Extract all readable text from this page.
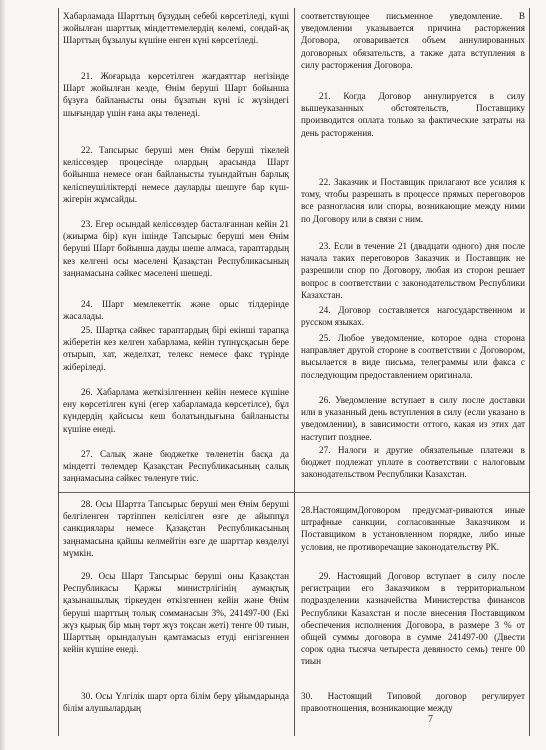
Хабарламада Шарттың бұзудың себебі көрсетіледі, күші жойылған шарттық міндеттемелердің көлемі, сондай-ақ Шарттың бұзылуы күшіне енген күні көрсетіледі.

21. Жоғарыда көрсетілген жағдаяттар негізінде Шарт жойылған кезде, Өнім беруші Шарт бойынша бұзуға байланысты оны бұзатын күні іс жүзіндегі шығындар үшін ғана ақы төленеді.

22. Тапсырыс беруші мен Өнім беруші тікелей келіссөздер процесінде олардың арасында Шарт бойынша немесе оған байланысты туындайтын барлық келіспеушіліктерді немесе дауларды шешуге бар күш-жігерін жұмсайды.

23. Егер осындай келіссөздер басталғаннан кейін 21 (жиырма бір) күн ішінде Тапсырыс беруші мен Өнім беруші Шарт бойынша дауды шеше алмаса, тараптардың кез келгені осы мәселені Қазақстан Республикасының заңнамасына сәйкес мәселені шешеді.

24. Шарт мемлекеттік және орыс тілдерінде жасалады.

25. Шартқа сәйкес тараптардың бірі екінші тарапқа жіберетін кез келген хабарлама, кейін түпнұсқасын бере отырып, хат, жеделхат, телекс немесе факс түрінде жіберіледі.

26. Хабарлама жеткізілгеннен кейін немесе күшіне ену көрсетілген күні (егер хабарламада көрсетілсе), бұл күндердің қайсысы кеш болатындығына байланысты күшіне енеді.

27. Салық және бюджетке төленетін басқа да міндетті төлемдер Қазақстан Республикасының салық заңнамасына сәйкес төленуге тиіс.

28. Осы Шартта Тапсырыс беруші мен Өнім беруші белгіленген тәртіппен келісілген өзге де айыппұл санкциялары немесе Қазақстан Республикасының заңнамасына қайшы келмейтін өзге де шарттар көзделуі мүмкін.

29. Осы Шарт Тапсырыс беруші оны Қазақстан Республикасы Қаржы министрлігінің аумақтық қазынашылық тіркеуден өткізгеннен кейін және Өнім беруші шарттың толық сомманасын 3%, 241497-00 (Екі жүз қырық бір мың төрт жүз тоқсан жеті) тенге 00 тиын, Шарттың орындалуын қамтамасыз етуді енгізгеннен кейін күшіне енеді.

30. Осы Үлгілік шарт орта білім беру ұйымдарында білім алушылардың

соответствующее письменное уведомление. В уведомлении указывается причина расторжения Договора, оговаривается объем аннулированных договорных обязательств, а также дата вступления в силу расторжения Договора.

21. Когда Договор аннулируется в силу вышеуказанных обстоятельств, Поставщику производится оплата только за фактические затраты на день расторжения.

22. Заказчик и Поставщик прилагают все усилия к тому, чтобы разрешать в процессе прямых переговоров все разногласия или споры, возникающие между ними по Договору или в связи с ним.

23. Если в течение 21 (двадцати одного) дня после начала таких переговоров Заказчик и Поставщик не разрешили спор по Договору, любая из сторон решает вопрос в соответствии с законодательством Республики Казахстан.

24. Договор составляется нагосударственном и русском языках.

25. Любое уведомление, которое одна сторона направляет другой стороне в соответствии с Договором, высылается в виде письма, телеграммы или факса с последующим предоставлением оригинала.

26. Уведомление вступает в силу после доставки или в указанный день вступления в силу (если указано в уведомлении), в зависимости оттого, какая из этих дат наступит позднее.

27. Налоги и другие обязательные платежи в бюджет подлежат уплате в соответствии с налоговым законодательством Республики Казахстан.

28.НастоящимДоговором предусмат-риваются иные штрафные санкции, согласованные Заказчиком и Поставщиком в установленном порядке, либо иные условия, не противоречащие законодательству РК.

29. Настоящий Договор вступает в силу после регистрации его Заказчиком в территориальном подразделении казначейства Министерства финансов Республики Казахстан и после внесения Поставщиком обеспечения исполнения Договора, в размере 3 % от общей суммы договора в сумме 241497-00 (Двести сорок одна тысяча четыреста девяносто семь) тенге 00 тиын

30. Настоящий Типовой договор регулирует правоотношения, возникающие между

7
